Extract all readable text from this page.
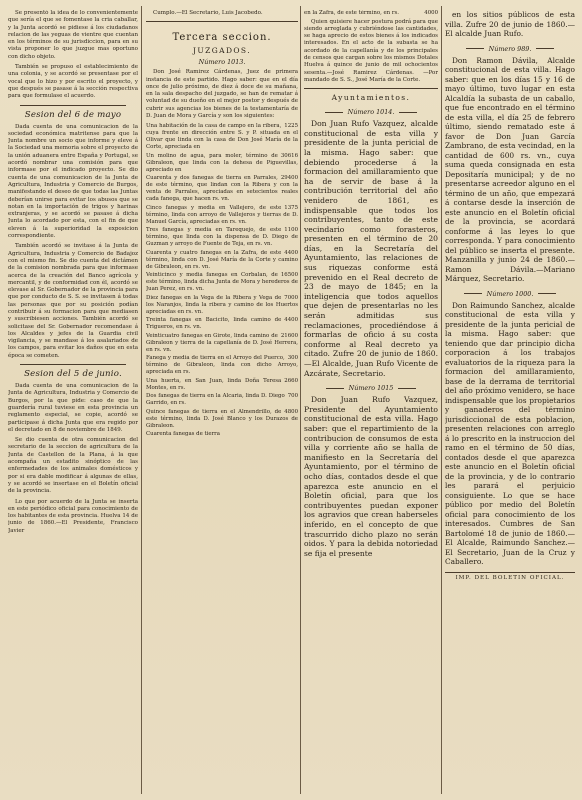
Se presentó la idea de lo convenientemente que sería el que se fomentase la cria caballar, y la Junta acordó se pidiese á los ciudadanos relacion de las yeguas de vientre que cuentan en los términos de su jurisdiccion, para en su vista proponer lo que juzgue mas oportuno con dicho objeto.

También se propuso el establecimiento de una colonia, y se acordó se presentase por el vocal que lo hizo y por escrito el proyecto, y que después se pasase á la sección respectiva para que formulase el acuerdo.

Sesion del 6 de mayo

Dada cuenta de una comunicacion de la sociedad económica matritense para que la Junta nombre un socio que informe y eleve á la Sociedad una memoria sobre el proyecto de la unión aduanera entre España y Portugal, se acordó nombrar una comisión para que informase por el indicado proyecto. Se dio cuenta de una comunicacion de la Junta de Agricultura, Industria y Comercio de Burgos, manifestando el deseo de que todas las Juntas deberían unirse para evitar los abusos que se notan en la importación de trigos y harinas extranjeras, y se acordó se pasase á dicha Junta lo acordado por esta, con el fin de que eleven á la superioridad la exposicion correspondiente.

También acordó se invitase á la Junta de Agricultura, Industria y Comercio de Badajoz con el mismo fin. Se dio cuenta del dictámen de la comision nombrada para que informase acerca de la creación del Banco agrícola y mercantil, y de conformidad con él, acordó se elevase al Sr. Gobernador de la provincia para que por conducto de S. S. se invitasen á todas las personas que por su posición podían contribuir á su formacion para que mediasen y suscribiesen acciones. También acordó se solicitase del Sr. Gobernador recomendase á los Alcaldes y jefes de la Guardia civil vigilancia, y se mandase á los asalariados de los campos, para evitar los daños que en esta época se cometen.

Sesion del 5 de junio.

Dada cuenta de una comunicacion de la Junta de Agricultura, Industria y Comercio de Burgos, por la que pide: caso de que la guardería rural tuviese en esta provincia un reglamento especial, se copie, acordó se participase á dicha Junta que era regido por el decretado en 8 de noviembre de 1849.

Se dio cuenta de otra comunicacion del secretario de la seccion de agricultura de la Junta de Castellon de la Plana, á la que acompaña un estadito sinóptico de las enfermedades de los animales domésticos y por si era dable modificar á algunas de ellas, y se acordó se insertase en el Boletín oficial de la provincia.

Lo que por acuerdo de la Junta se inserta en este periódico oficial para conocimiento de los habitantes de esta provincia. Huelva 14 de junio de 1860.—El Presidente, Francisco Javier

Cumplo.—El Secretario, Luis Jacobedo.

Tercera seccion.
JUZGADOS.
Número 1013.

Don José Ramirez Cárdenas, Juez de primera instancia de este partido. Hago saber: que en el día once de julio próximo, de diez á doce de su mañana, en la sala despacho del juzgado, se han de rematar á voluntad de su dueño en el mejor postor y después de cubrir sus agencias los bienes de la testamentaría de D. Juan de Mora y García y son los siguientes:

1225
Una habitación de la casa de campo en la ribera, cuya frente en dirección entre S. y P. situada en el Olivar que linda con la casa de Don José María de la Corte, apreciada en
30616
Un molino de agua, para moler, término de Gibraleon, que linda con la dehesa de Piguevillas, apreciado en
29400
Cuarenta y dos fanegas de tierra en Parrales, de este término, que lindan con la Ribera y con la venta de Parrales, apreciadas en setecientos reales cada fanega, que hacen rs. vn.
1375
Cinco fanegas y media en Vallejero, de este término, linda con arroyo de Vallejeros y tierras de D. Manuel García, apreciadas en rs. vn.
1100
Tres fanegas y media en Tarequejo, de este término, que linda con la dispensa de D. Diego de Guzman y arroyo de Fuente de Teja, en rs. vn.
4400
Cuarenta y cuatro fanegas en la Zafra, de este término, linda con D. José María de la Corte y camino de Gibraleon, en rs. vn.
16500
Veinticinco y media fanegas en Corbalan, de este término, linda dicha Junta de Mora y herederos de Juan Perez, en rs. vn.
7000
Diez fanegas en la Vega de la Ribera y Vega de los Naranjos, linda la ribera y camino de los Huertos apreciadas en rs. vn.
4400
Treinta fanegas en Bacicito, linda camino de Trigueros, en rs. vn.
21600
Veinticuatro fanegas en Girote, linda camino de Gibraleon y tierra de la capellanía de D. José Herrera, en rs. vn.
300
Fanega y media de tierra en el Arroyo del Puerco, término de Gibraleon, linda con dicho Arroyo, apreciada en rs.
2660
Una huerta, en San Juan, linda Doña Teresa Montes, en rs.
700
Dos fanegas de tierra en la Alcaria, linda D. Diego Garrido, en rs.
4800
Quince fanegas de tierra en el Almendrillo, de este término, linda D. José Blanco y los Durazos de Gibraleon.
Cuarenta fanegas de tierra
4000
en la Zafra, de este término, en rs.

Quien quisiere hacer postura podrá para que siendo arreglada y cubriéndose las cantidades, se haga aprecio de estos bienes á los indicados interesados. En el acto de la subasta se ha acordado de la capellanía y de los principales de censos que cargan sobre los mismos Dotales Huelva á quince de junio de mil ochocientos sesenta.—José Ramirez Cárdenas. —Por mandado de S. S., José María de la Corte.

Ayuntamientos.
Número 1014.

Don Juan Rufo Vazquez, alcalde constitucional de esta villa y presidente de la junta pericial de la misma. Hago saber: que debiendo procederse á la formacion del amillaramiento que ha de servir de base á la contribución territorial del año venidero de 1861, es indispensable que todos los contribuyentes, tanto de este vecindario como forasteros, presenten en el término de 20 días, en la Secretaría del Ayuntamiento, las relaciones de sus riquezas conforme está prevenido en el Real decreto de 23 de mayo de 1845; en la inteligencia que todos aquellos que dejen de presentarlas no les serán admitidas sus reclamaciones, procediéndose á formarlas de oficio á su costa conforme al Real decreto ya citado. Zufre 20 de junio de 1860.—El Alcalde, Juan Rufo Vicente de Azcárate, Secretario.

Número 1015

Don Juan Rufo Vazquez, Presidente del Ayuntamiento constitucional de esta villa. Hago saber: que el repartimiento de la contribucion de consumos de esta villa y corriente año se halla de manifiesto en la Secretaría del Ayuntamiento, por el término de ocho días, contados desde el que aparezca este anuncio en el Boletín oficial, para que los contribuyentes puedan exponer los agravios que crean haberseles inferido, en el concepto de que trascurrido dicho plazo no serán oidos. Y para la debida notoriedad se fija el presente

en los sitios públicos de esta villa. Zufre 20 de junio de 1860.—El alcalde Juan Rufo.

Número 989.

Don Ramon Dávila, Alcalde constitucional de esta villa. Hago saber: que en los días 15 y 16 de mayo último, tuvo lugar en esta Alcaldía la subasta de un caballo, que fue encontrado en el término de esta villa, el día 25 de febrero último, siendo rematado este á favor de Don Juan García Zambrano, de esta vecindad, en la cantidad de 600 rs. vn., cuya suma queda consignada en esta Depositaría municipal; y de no presentarse acreedor alguno en el término de un año, que empezará á contarse desde la inserción de este anuncio en el Boletín oficial de la provincia, se acordará conforme á las leyes lo que corresponda. Y para conocimiento del público se inserta el presente. Manzanilla y junio 24 de 1860.—Ramon Dávila.—Mariano Márquez, Secretario.

Número 1000.

Don Raimundo Sanchez, alcalde constitucional de esta villa y presidente de la junta pericial de la misma. Hago saber: que teniendo que dar principio dicha corporacion á los trabajos evaluatorios de la riqueza para la formacion del amillaramiento, base de la derrama de territorial del año próximo venidero, se hace indispensable que los propietarios y ganaderos del término jurisdiccional de esta poblacion, presenten relaciones con arreglo á lo prescrito en la instruccion del ramo en el término de 50 días, contados desde el que aparezca este anuncio en el Boletín oficial de la provincia, y de lo contrario les parará el perjuicio consiguiente. Lo que se hace público por medio del Boletín oficial para conocimiento de los interesados. Cumbres de San Bartolomé 18 de junio de 1860.—El Alcalde, Raimundo Sanchez.—El Secretario, Juan de la Cruz y Caballero.

IMP. DEL BOLETIN OFICIAL.
